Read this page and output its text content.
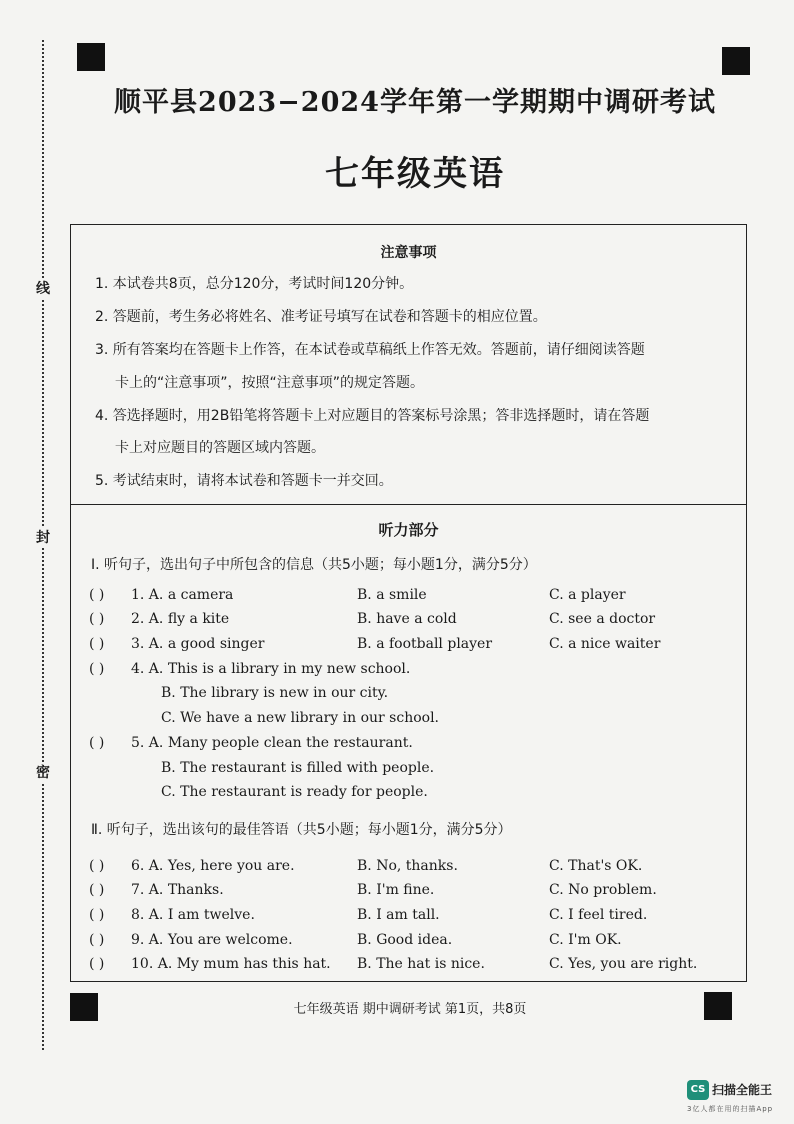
线
封
密
顺平县2023−2024学年第一学期期中调研考试
七年级英语
注意事项
1. 本试卷共8页，总分120分，考试时间120分钟。
2. 答题前，考生务必将姓名、准考证号填写在试卷和答题卡的相应位置。
3. 所有答案均在答题卡上作答，在本试卷或草稿纸上作答无效。答题前，请仔细阅读答题
卡上的“注意事项”，按照“注意事项”的规定答题。
4. 答选择题时，用2B铅笔将答题卡上对应题目的答案标号涂黑；答非选择题时，请在答题
卡上对应题目的答题区域内答题。
5. 考试结束时，请将本试卷和答题卡一并交回。
听力部分
Ⅰ. 听句子，选出句子中所包含的信息（共5小题；每小题1分，满分5分）
( ) 1. A. a camera	B. a smile	C. a player
( ) 2. A. fly a kite	B. have a cold	C. see a doctor
( ) 3. A. a good singer	B. a football player	C. a nice waiter
( ) 4. A. This is a library in my new school.
B. The library is new in our city.
C. We have a new library in our school.
( ) 5. A. Many people clean the restaurant.
B. The restaurant is filled with people.
C. The restaurant is ready for people.
Ⅱ. 听句子，选出该句的最佳答语（共5小题；每小题1分，满分5分）
( ) 6. A. Yes, here you are.	B. No, thanks.	C. That's OK.
( ) 7. A. Thanks.	B. I'm fine.	C. No problem.
( ) 8. A. I am twelve.	B. I am tall.	C. I feel tired.
( ) 9. A. You are welcome.	B. Good idea.	C. I'm OK.
( ) 10. A. My mum has this hat. B. The hat is nice.	C. Yes, you are right.
七年级英语 期中调研考试 第1页，共8页
CS 扫描全能王
3亿人都在用的扫描App
